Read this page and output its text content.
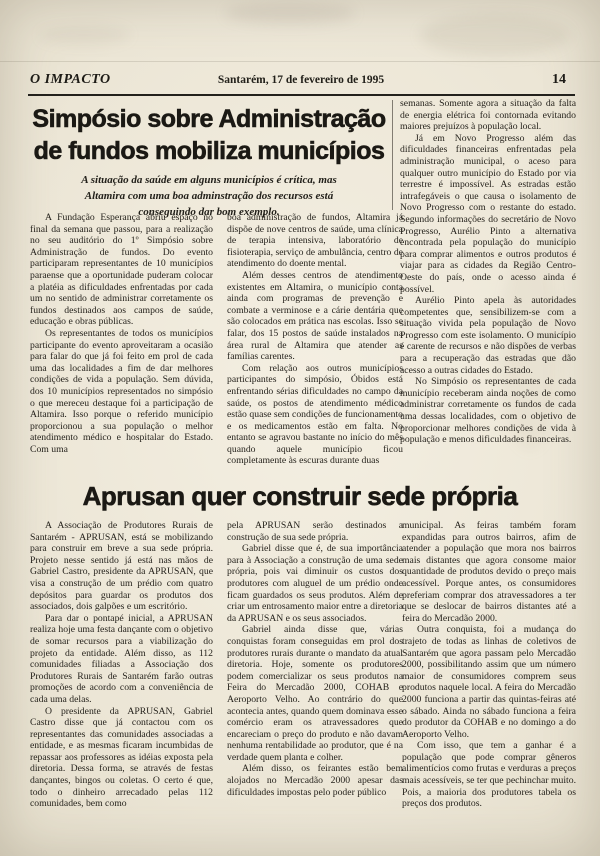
O IMPACTO	Santarém, 17 de fevereiro de 1995	14
Simpósio sobre Administração
de fundos mobiliza municípios
A situação da saúde em alguns municípios é crítica, mas
Altamira com uma boa adminstração dos recursos está
conseguindo dar bom exemplo.

A Fundação Esperança abriu espaço no final da semana que passou, para a realização no seu auditório do 1º Simpósio sobre Administração de fundos. Do evento participaram representantes de 10 municípios paraense que a oportunidade puderam colocar a platéia as dificuldades enfrentadas por cada um no sentido de administrar corretamente os fundos destinados aos campos de saúde, educação e obras públicas.

Os representantes de todos os municípios participante do evento aproveitaram a ocasião para falar do que já foi feito em prol de cada uma das localidades a fim de dar melhores condições de vida a população. Sem dúvida, dos 10 municípios representados no simpósio o que mereceu destaque foi a participação de Altamira. Isso porque o referido município proporcionou a sua população o melhor atendimento médico e hospitalar do Estado. Com uma

boa administração de fundos, Altamira já dispõe de nove centros de saúde, uma clínica de terapia intensiva, laboratório de fisioterapia, serviço de ambulância, centro de atendimento do doente mental.

Além desses centros de atendimento existentes em Altamira, o município conta ainda com programas de prevenção e combate a verminose e a cárie dentária que são colocados em prática nas escolas. Isso se falar, dos 15 postos de saúde instalados na área rural de Altamira que atender as famílias carentes.

Com relação aos outros municípios participantes do simpósio, Óbidos está enfrentando sérias dificuldades no campo da saúde, os postos de atendimento médico estão quase sem condições de funcionamento e os medicamentos estão em falta. No entanto se agravou bastante no início do mês quando aquele município ficou completamente às escuras durante duas

semanas. Somente agora a situação da falta de energia elétrica foi contornada evitando maiores prejuízos à população local.

Já em Novo Progresso além das dificuldades financeiras enfrentadas pela administração municipal, o aceso para qualquer outro município do Estado por via terrestre é impossível. As estradas estão intrafegáveis o que causa o isolamento de Novo Progresso com o restante do estado. Segundo informações do secretário de Novo Progresso, Aurélio Pinto a alternativa encontrada pela população do município para comprar alimentos e outros produtos é viajar para as cidades da Região Centro-Oeste do país, onde o acesso ainda é possível.

Aurélio Pinto apela às autoridades competentes que, sensibilizem-se com a situação vivida pela população de Novo Progresso com este isolamento. O município é carente de recursos e não dispões de verbas para a recuperação das estradas que dão acesso a outras cidades do Estado.

No Simpósio os representantes de cada município receberam ainda noções de como administrar corretamente os fundos de cada uma dessas localidades, com o objetivo de proporcionar melhores condições de vida à população e menos dificuldades financeiras.

Aprusan quer construir sede própria

A Associação de Produtores Rurais de Santarém - APRUSAN, está se mobilizando para construir em breve a sua sede própria. Projeto nesse sentido já está nas mãos de Gabriel Castro, presidente da APRUSAN, que visa a construção de um prédio com quatro depósitos para guardar os produtos dos associados, dois galpões e um escritório.

Para dar o pontapé inicial, a APRUSAN realiza hoje uma festa dançante com o objetivo de somar recursos para a viabilização do projeto da entidade. Além disso, as 112 comunidades filiadas a Associação dos Produtores Rurais de Santarém farão outras promoções de acordo com a conveniência de cada uma delas.

O presidente da APRUSAN, Gabriel Castro disse que já contactou com os representantes das comunidades associadas a entidade, e as mesmas ficaram incumbidas de repassar aos professores as idéias exposta pela diretoria. Dessa forma, se através de festas dançantes, bingos ou coletas. O certo é que, todo o dinheiro arrecadado pelas 112 comunidades, bem como

pela APRUSAN serão destinados a construção de sua sede própria.

Gabriel disse que é, de sua importância para à Associação a construção de uma sede própria, pois vai diminuir os custos dos produtores com aluguel de um prédio onde ficam guardados os seus produtos. Além de criar um entrosamento maior entre a diretoria da APRUSAN e os seus associados.

Gabriel ainda disse que, várias conquistas foram conseguidas em prol dos produtores rurais durante o mandato da atual diretoria. Hoje, somente os produtores podem comercializar os seus produtos na Feira do Mercadão 2000, COHAB e Aeroporto Velho. Ao contrário do que acontecia antes, quando quem dominava esse comércio eram os atravessadores que encareciam o preço do produto e não davam nenhuma rentabilidade ao produtor, que é na verdade quem planta e colher.

Além disso, os feirantes estão bem alojados no Mercadão 2000 apesar das dificuldades impostas pelo poder público

municipal. As feiras também foram expandidas para outros bairros, afim de atender a população que mora nos bairros mais distantes que agora consome maior quantidade de produtos devido o preço mais acessível. Porque antes, os consumidores preferiam comprar dos atravessadores a ter que se deslocar de bairros distantes até a feira do Mercadão 2000.

Outra conquista, foi a mudança do trajeto de todas as linhas de coletivos de Santarém que agora passam pelo Mercadão 2000, possibilitando assim que um número maior de consumidores comprem seus produtos naquele local. A feira do Mercadão 2000 funciona a partir das quintas-feiras até o sábado. Ainda no sábado funciona a feira do produtor da COHAB e no domingo a do Aeroporto Velho.

Com isso, que tem a ganhar é a população que pode comprar gêneros alimentícios como frutas e verduras a preços mais acessíveis, se ter que pechinchar muito. Pois, a maioria dos produtores tabela os preços dos produtos.
